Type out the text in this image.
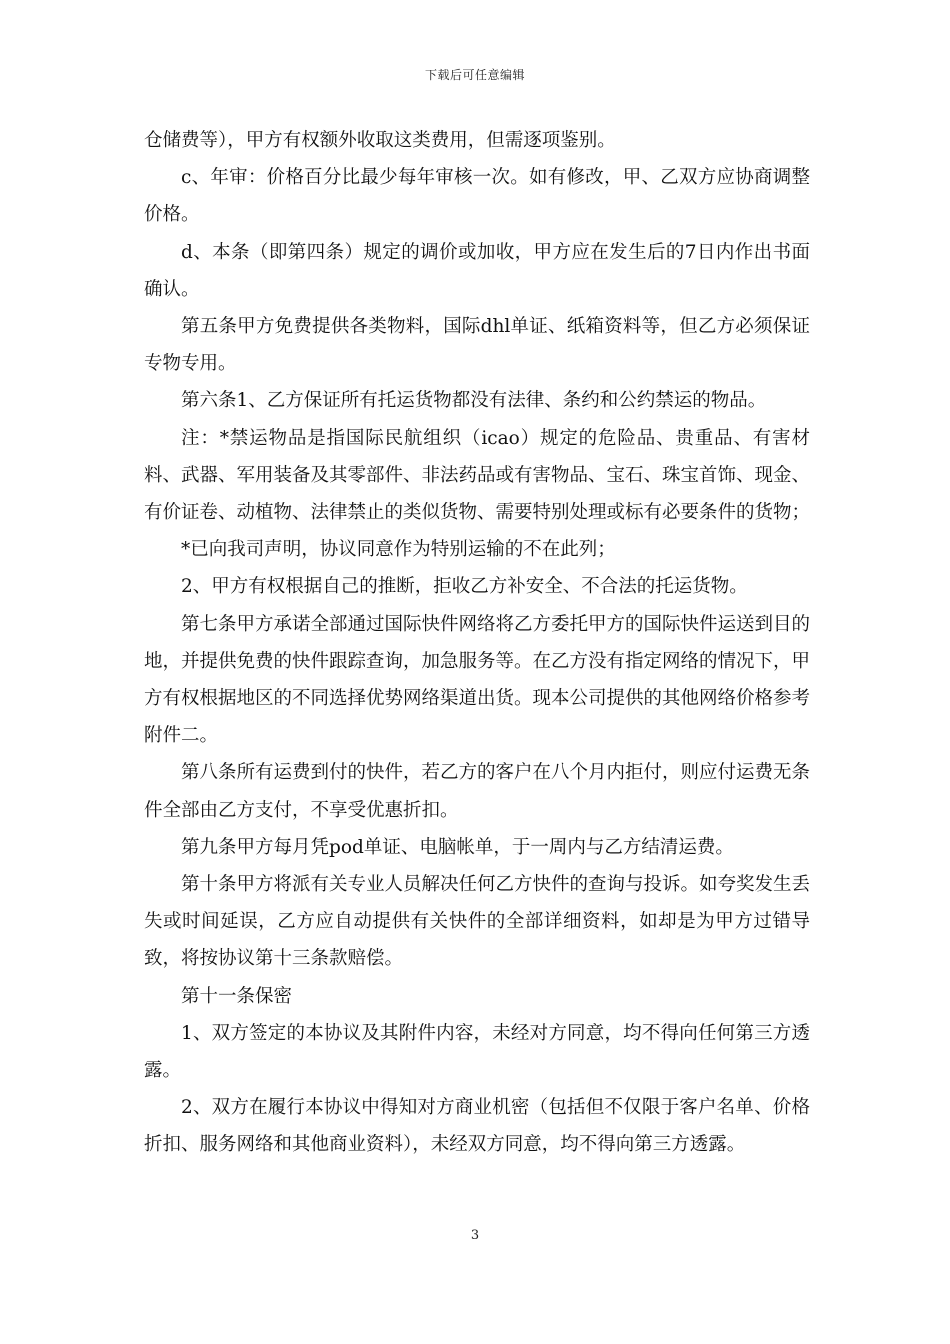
下载后可任意编辑

仓储费等），甲方有权额外收取这类费用，但需逐项鉴别。

c、年审：价格百分比最少每年审核一次。如有修改，甲、乙双方应协商调整价格。

d、本条（即第四条）规定的调价或加收，甲方应在发生后的7日内作出书面确认。

第五条甲方免费提供各类物料，国际dhl单证、纸箱资料等，但乙方必须保证专物专用。

第六条1、乙方保证所有托运货物都没有法律、条约和公约禁运的物品。

注：*禁运物品是指国际民航组织（icao）规定的危险品、贵重品、有害材料、武器、军用装备及其零部件、非法药品或有害物品、宝石、珠宝首饰、现金、有价证卷、动植物、法律禁止的类似货物、需要特别处理或标有必要条件的货物；

*已向我司声明，协议同意作为特别运输的不在此列；

2、甲方有权根据自己的推断，拒收乙方补安全、不合法的托运货物。

第七条甲方承诺全部通过国际快件网络将乙方委托甲方的国际快件运送到目的地，并提供免费的快件跟踪查询，加急服务等。在乙方没有指定网络的情况下，甲方有权根据地区的不同选择优势网络渠道出货。现本公司提供的其他网络价格参考附件二。

第八条所有运费到付的快件，若乙方的客户在八个月内拒付，则应付运费无条件全部由乙方支付，不享受优惠折扣。

第九条甲方每月凭pod单证、电脑帐单，于一周内与乙方结清运费。

第十条甲方将派有关专业人员解决任何乙方快件的查询与投诉。如夸奖发生丢失或时间延误，乙方应自动提供有关快件的全部详细资料，如却是为甲方过错导致，将按协议第十三条款赔偿。

第十一条保密

1、双方签定的本协议及其附件内容，未经对方同意，均不得向任何第三方透露。

2、双方在履行本协议中得知对方商业机密（包括但不仅限于客户名单、价格折扣、服务网络和其他商业资料），未经双方同意，均不得向第三方透露。

3
